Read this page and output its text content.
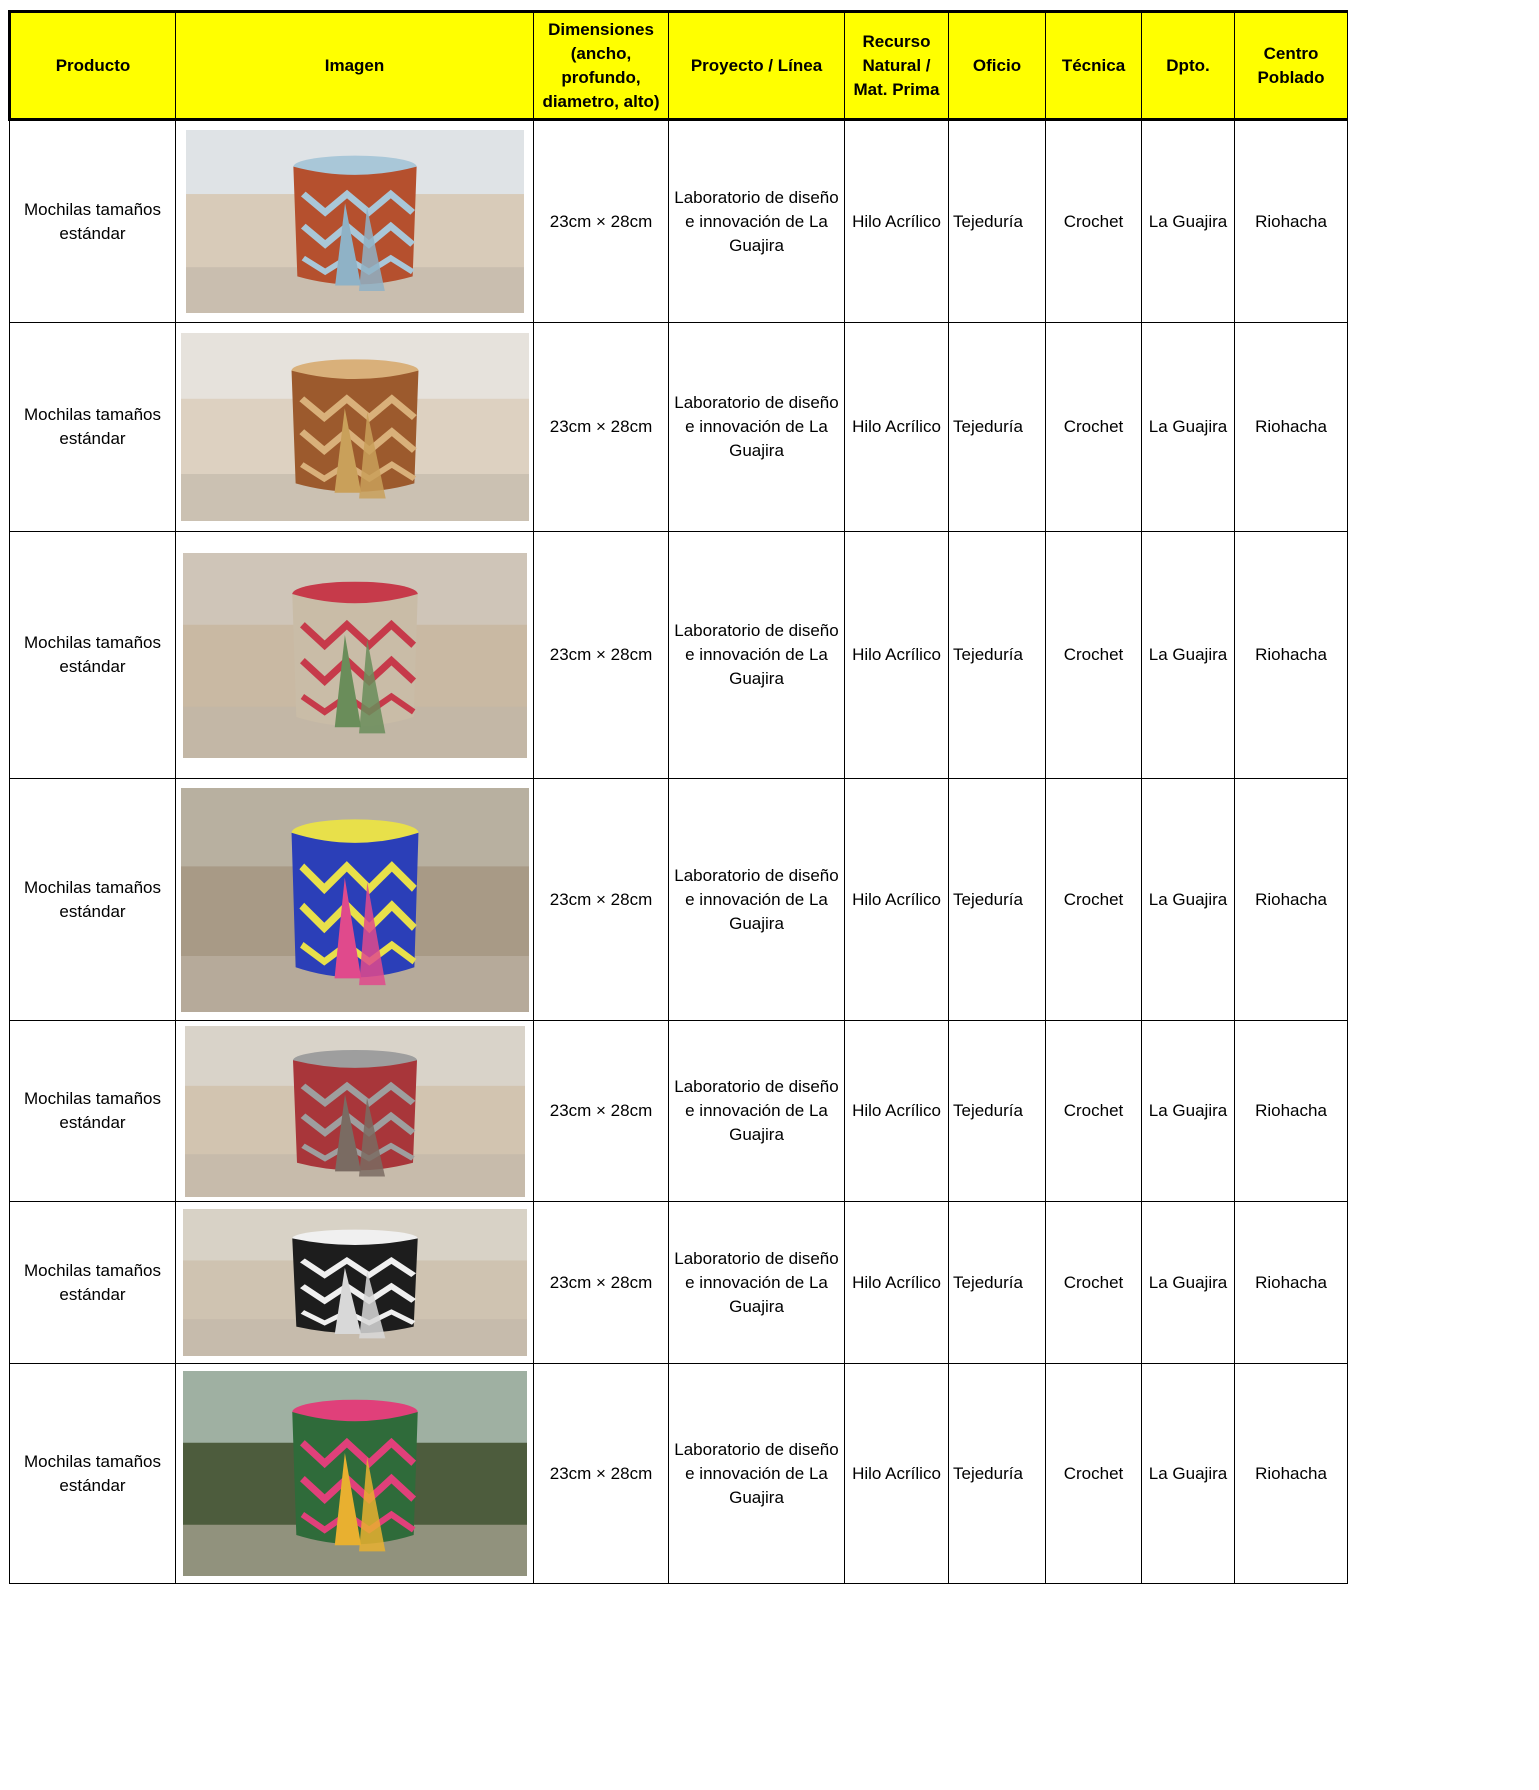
Producto	Imagen	Dimensiones
(ancho,
profundo,
diametro, alto)	Proyecto / Línea	Recurso
Natural /
Mat. Prima	Oficio	Técnica	Dpto.	Centro
Poblado
Mochilas tamaños
estándar		23cm × 28cm	Laboratorio de diseño
e innovación de La
Guajira	Hilo Acrílico	Tejeduría	Crochet	La Guajira	Riohacha
Mochilas tamaños
estándar		23cm × 28cm	Laboratorio de diseño
e innovación de La
Guajira	Hilo Acrílico	Tejeduría	Crochet	La Guajira	Riohacha
Mochilas tamaños
estándar		23cm × 28cm	Laboratorio de diseño
e innovación de La
Guajira	Hilo Acrílico	Tejeduría	Crochet	La Guajira	Riohacha
Mochilas tamaños
estándar		23cm × 28cm	Laboratorio de diseño
e innovación de La
Guajira	Hilo Acrílico	Tejeduría	Crochet	La Guajira	Riohacha
Mochilas tamaños
estándar		23cm × 28cm	Laboratorio de diseño
e innovación de La
Guajira	Hilo Acrílico	Tejeduría	Crochet	La Guajira	Riohacha
Mochilas tamaños
estándar		23cm × 28cm	Laboratorio de diseño
e innovación de La
Guajira	Hilo Acrílico	Tejeduría	Crochet	La Guajira	Riohacha
Mochilas tamaños
estándar		23cm × 28cm	Laboratorio de diseño
e innovación de La
Guajira	Hilo Acrílico	Tejeduría	Crochet	La Guajira	Riohacha
